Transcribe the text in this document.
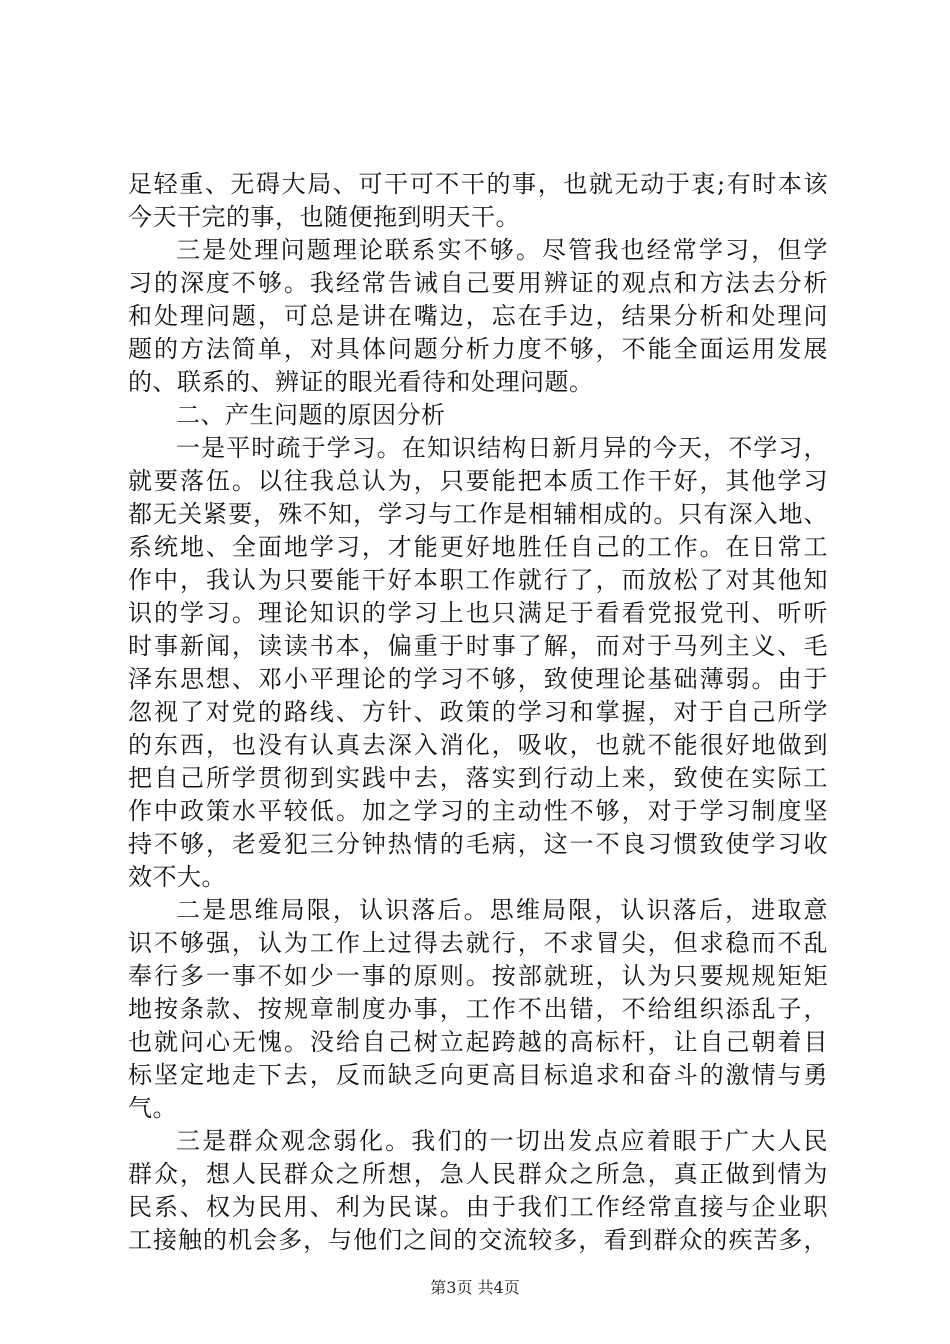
足轻重、无碍大局、可干可不干的事，也就无动于衷;有时本该
今天干完的事，也随便拖到明天干。
三是处理问题理论联系实不够。尽管我也经常学习，但学
习的深度不够。我经常告诫自己要用辨证的观点和方法去分析
和处理问题，可总是讲在嘴边，忘在手边，结果分析和处理问
题的方法简单，对具体问题分析力度不够，不能全面运用发展
的、联系的、辨证的眼光看待和处理问题。
二、产生问题的原因分析
一是平时疏于学习。在知识结构日新月异的今天，不学习，
就要落伍。以往我总认为，只要能把本质工作干好，其他学习
都无关紧要，殊不知，学习与工作是相辅相成的。只有深入地、
系统地、全面地学习，才能更好地胜任自己的工作。在日常工
作中，我认为只要能干好本职工作就行了，而放松了对其他知
识的学习。理论知识的学习上也只满足于看看党报党刊、听听
时事新闻，读读书本，偏重于时事了解，而对于马列主义、毛
泽东思想、邓小平理论的学习不够，致使理论基础薄弱。由于
忽视了对党的路线、方针、政策的学习和掌握，对于自己所学
的东西，也没有认真去深入消化，吸收，也就不能很好地做到
把自己所学贯彻到实践中去，落实到行动上来，致使在实际工
作中政策水平较低。加之学习的主动性不够，对于学习制度坚
持不够，老爱犯三分钟热情的毛病，这一不良习惯致使学习收
效不大。
二是思维局限，认识落后。思维局限，认识落后，进取意
识不够强，认为工作上过得去就行，不求冒尖，但求稳而不乱
奉行多一事不如少一事的原则。按部就班，认为只要规规矩矩
地按条款、按规章制度办事，工作不出错，不给组织添乱子，
也就问心无愧。没给自己树立起跨越的高标杆，让自己朝着目
标坚定地走下去，反而缺乏向更高目标追求和奋斗的激情与勇
气。
三是群众观念弱化。我们的一切出发点应着眼于广大人民
群众，想人民群众之所想，急人民群众之所急，真正做到情为
民系、权为民用、利为民谋。由于我们工作经常直接与企业职
工接触的机会多，与他们之间的交流较多，看到群众的疾苦多，
第3页 共4页
